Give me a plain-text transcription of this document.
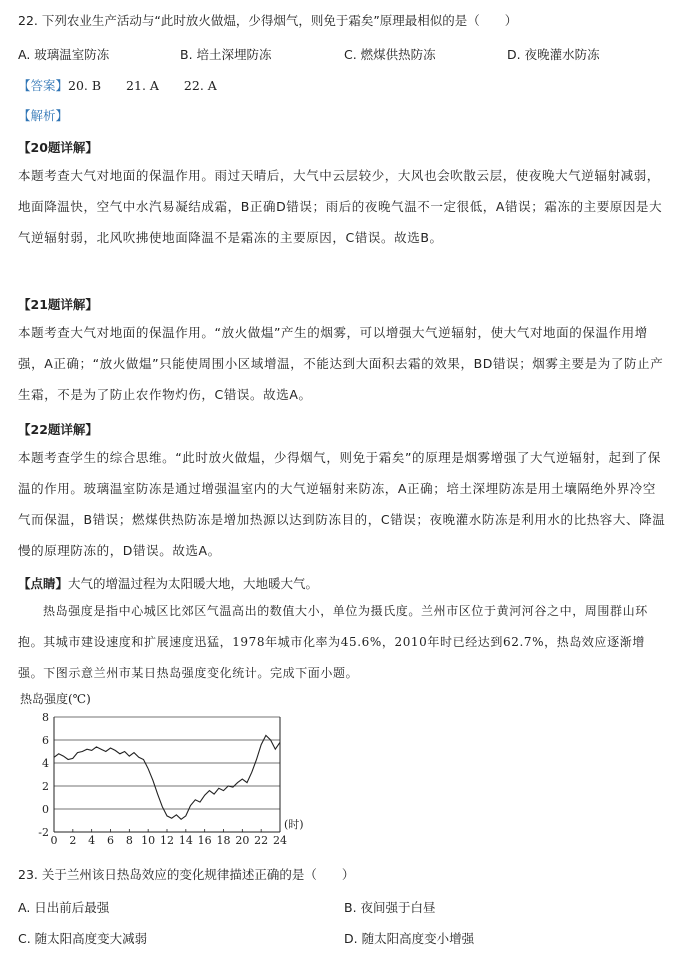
22. 下列农业生产活动与“此时放火做煴，少得烟气，则免于霜矣”原理最相似的是（　　）
A. 玻璃温室防冻	B. 培土深埋防冻	C. 燃煤供热防冻	D. 夜晚灌水防冻
【答案】20. B　　21. A　　22. A
【解析】
【20题详解】
本题考查大气对地面的保温作用。雨过天晴后，大气中云层较少，大风也会吹散云层，使夜晚大气逆辐射减弱，地面降温快，空气中水汽易凝结成霜，B正确D错误；雨后的夜晚气温不一定很低，A错误；霜冻的主要原因是大气逆辐射弱，北风吹拂使地面降温不是霜冻的主要原因，C错误。故选B。
【21题详解】
本题考查大气对地面的保温作用。“放火做煴”产生的烟雾，可以增强大气逆辐射，使大气对地面的保温作用增强，A正确；“放火做煴”只能使周围小区域增温，不能达到大面积去霜的效果，BD错误；烟雾主要是为了防止产生霜，不是为了防止农作物灼伤，C错误。故选A。
【22题详解】
本题考查学生的综合思维。“此时放火做煴，少得烟气，则免于霜矣”的原理是烟雾增强了大气逆辐射，起到了保温的作用。玻璃温室防冻是通过增强温室内的大气逆辐射来防冻，A正确；培土深埋防冻是用土壤隔绝外界冷空气而保温，B错误；燃煤供热防冻是增加热源以达到防冻目的，C错误；夜晚灌水防冻是利用水的比热容大、降温慢的原理防冻的，D错误。故选A。
【点睛】大气的增温过程为太阳暖大地，大地暖大气。
热岛强度是指中心城区比郊区气温高出的数值大小，单位为摄氏度。兰州市区位于黄河河谷之中，周围群山环抱。其城市建设速度和扩展速度迅猛，1978年城市化率为45.6%，2010年时已经达到62.7%，热岛效应逐渐增强。下图示意兰州市某日热岛强度变化统计。完成下面小题。
热岛强度(℃)
-2
0
2
4
6
8
0 2 4 6 8 10 12 14 16 18 20 22 24
(时)
23. 关于兰州该日热岛效应的变化规律描述正确的是（　　）
A. 日出前后最强	B. 夜间强于白昼
C. 随太阳高度变大减弱	D. 随太阳高度变小增强
